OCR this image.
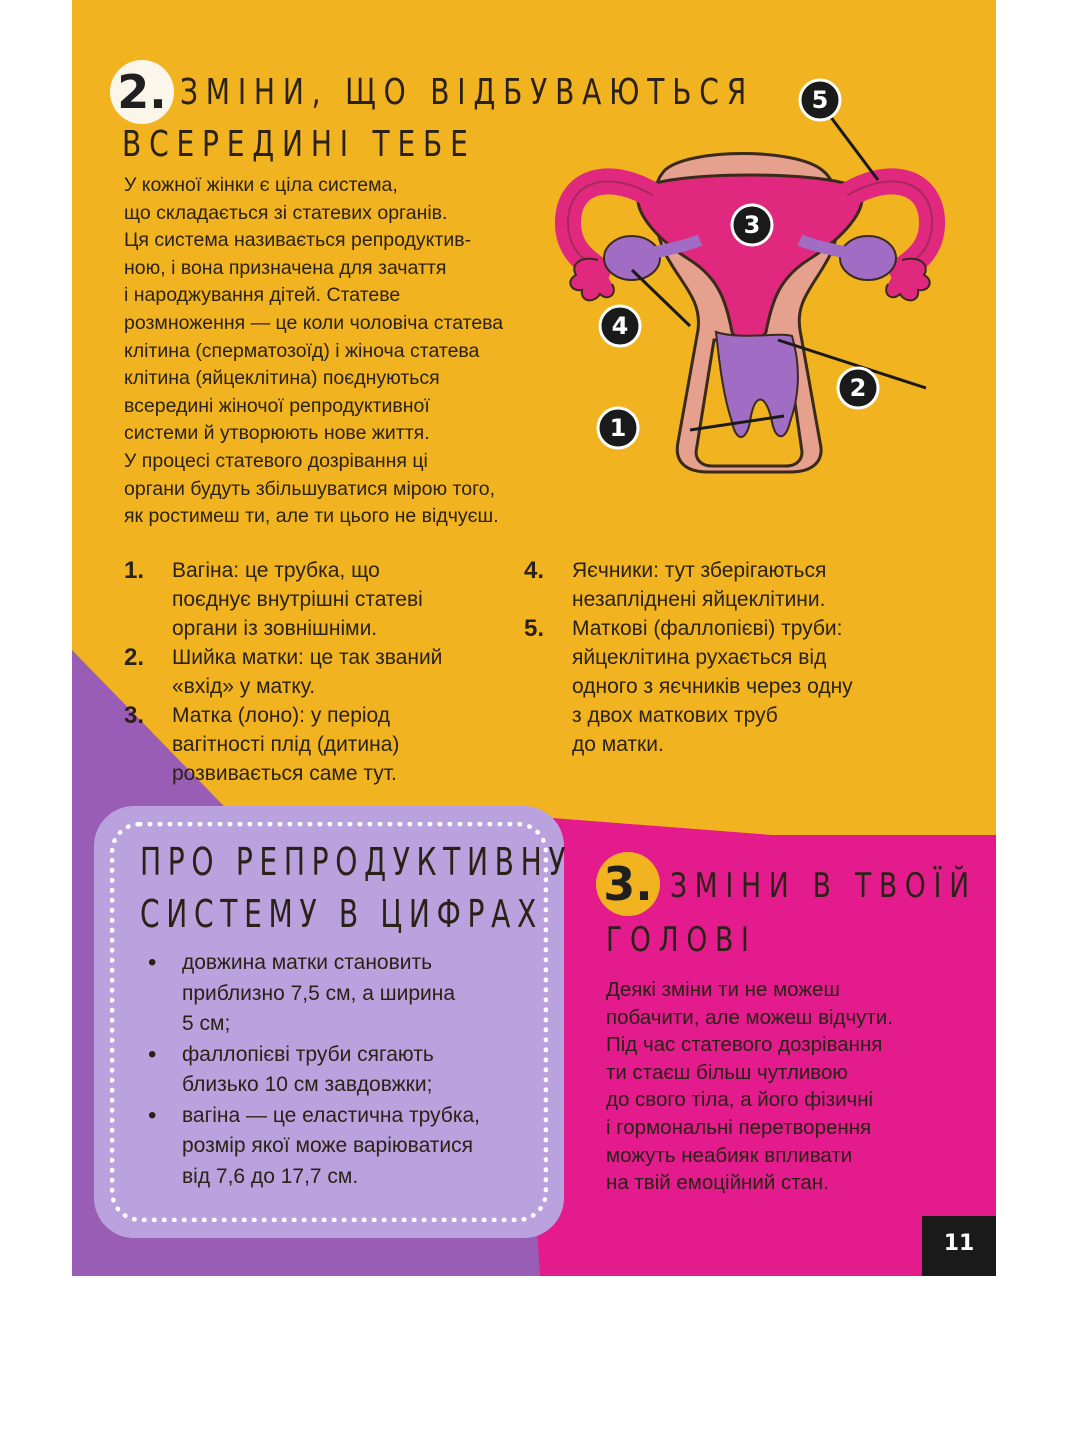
2. ЗМІНИ, ЩО ВІДБУВАЮТЬСЯ
ВСЕРЕДИНІ ТЕБЕ

У кожної жінки є ціла система,

що складається зі статевих органів.

Ця система називається репродуктив-

ною, і вона призначена для зачаття

і народжування дітей. Статеве

розмноження — це коли чоловіча статева

клітина (сперматозоїд) і жіноча статева

клітина (яйцеклітина) поєднуються

всередині жіночої репродуктивної

системи й утворюють нове життя.

У процесі статевого дозрівання ці

органи будуть збільшуватися мірою того,

як ростимеш ти, але ти цього не відчуєш.

5
3
4
2
1
1. Вагіна: це трубка, що
поєднує внутрішні статеві
органи із зовнішніми.
2. Шийка матки: це так званий
«вхід» у матку.
3. Матка (лоно): у період
вагітності плід (дитина)
розвивається саме тут.
4. Яєчники: тут зберігаються
незапліднені яйцеклітини.
5. Маткові (фаллопієві) труби:
яйцеклітина рухається від
одного з яєчників через одну
з двох маткових труб
до матки.
ПРО РЕПРОДУКТИВНУ
СИСТЕМУ В ЦИФРАХ
• довжина матки становить
приблизно 7,5 см, а ширина
5 см;
• фаллопієві труби сягають
близько 10 см завдовжки;
• вагіна — це еластична трубка,
розмір якої може варіюватися
від 7,6 до 17,7 см.
3. ЗМІНИ В ТВОЇЙ
ГОЛОВІ
Деякі зміни ти не можеш
побачити, але можеш відчути.
Під час статевого дозрівання
ти стаєш більш чутливою
до свого тіла, а його фізичні
і гормональні перетворення
можуть неабияк впливати
на твій емоційний стан.
11
